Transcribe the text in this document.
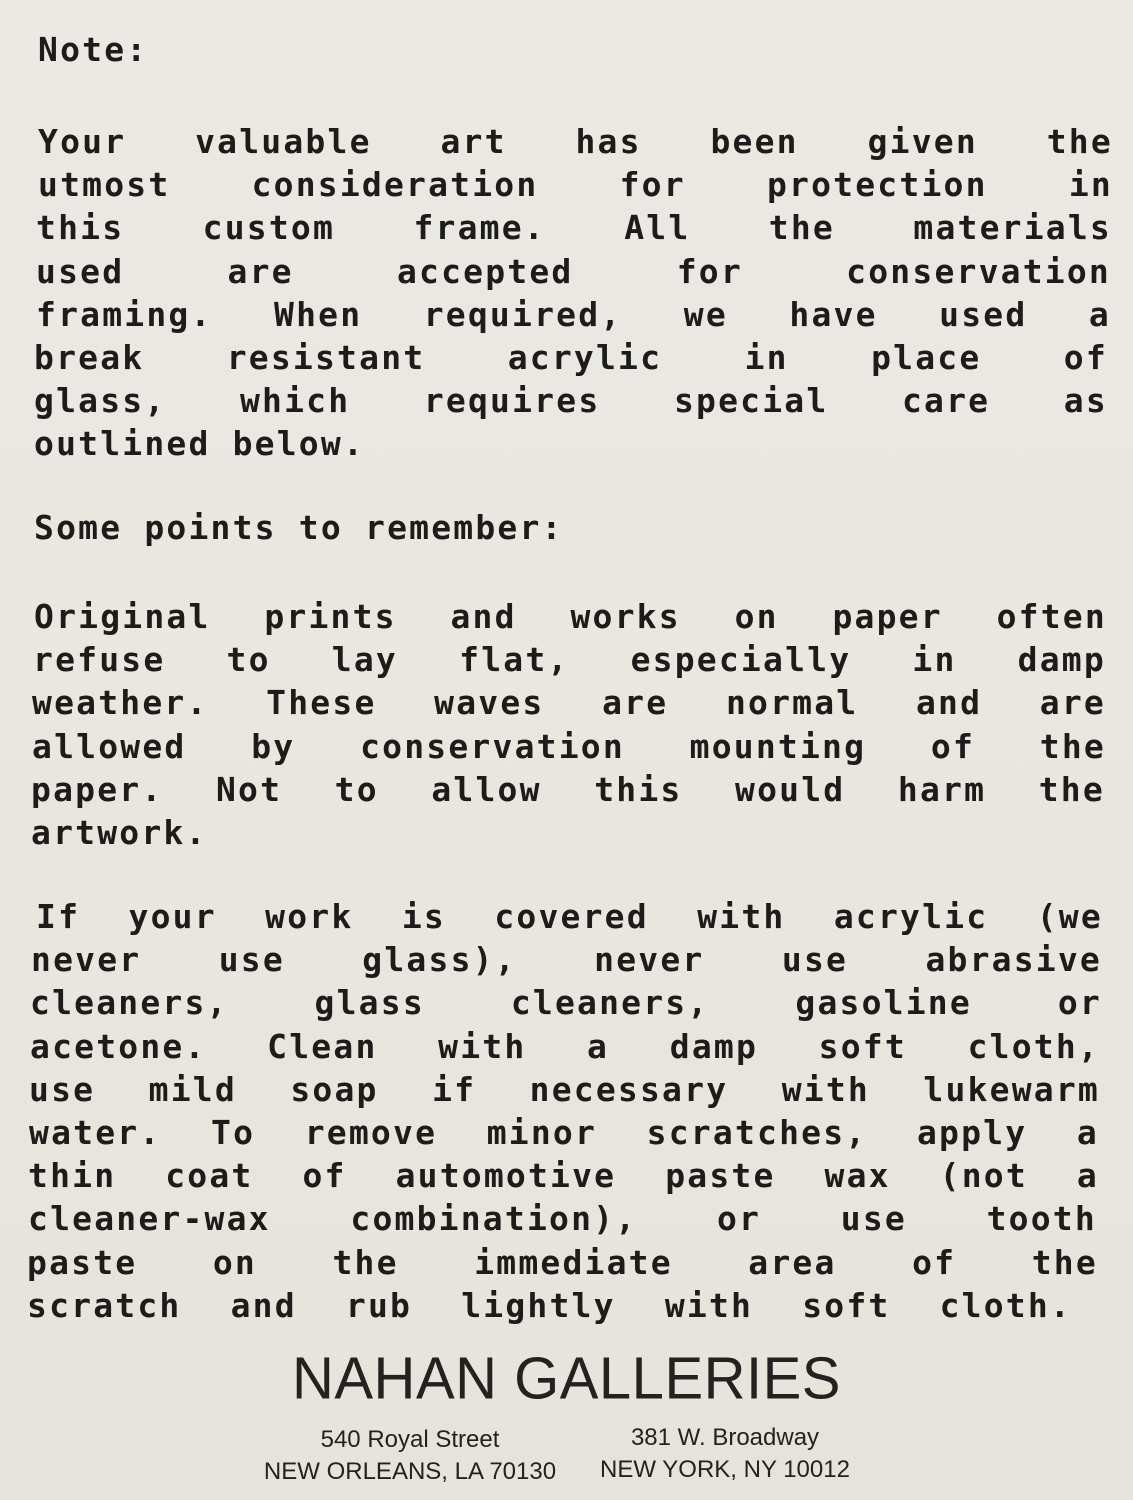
Note:
Your valuable art has been given the
utmost consideration for protection in
this custom frame. All the materials
used	are	accepted	for	conservation
framing. When required, we have used a
break resistant acrylic in place of
glass, which requires special care as
outlined below.
Some points to remember:
Original prints and works on paper often
refuse to lay flat, especially in damp
weather. These waves are normal and are
allowed by conservation mounting of the
paper. Not to allow this would harm the
artwork.
If your work is covered with acrylic (we
never use glass), never use abrasive
cleaners,	glass	cleaners,	gasoline	or
acetone. Clean with a damp soft cloth,
use mild soap if necessary with lukewarm
water. To remove minor scratches, apply a
thin coat of automotive paste wax (not a
cleaner-wax combination), or use tooth
paste on the immediate area of the
scratch and rub lightly with soft cloth.
NAHAN GALLERIES
540 Royal Street
NEW ORLEANS, LA 70130
381 W. Broadway
NEW YORK, NY 10012
